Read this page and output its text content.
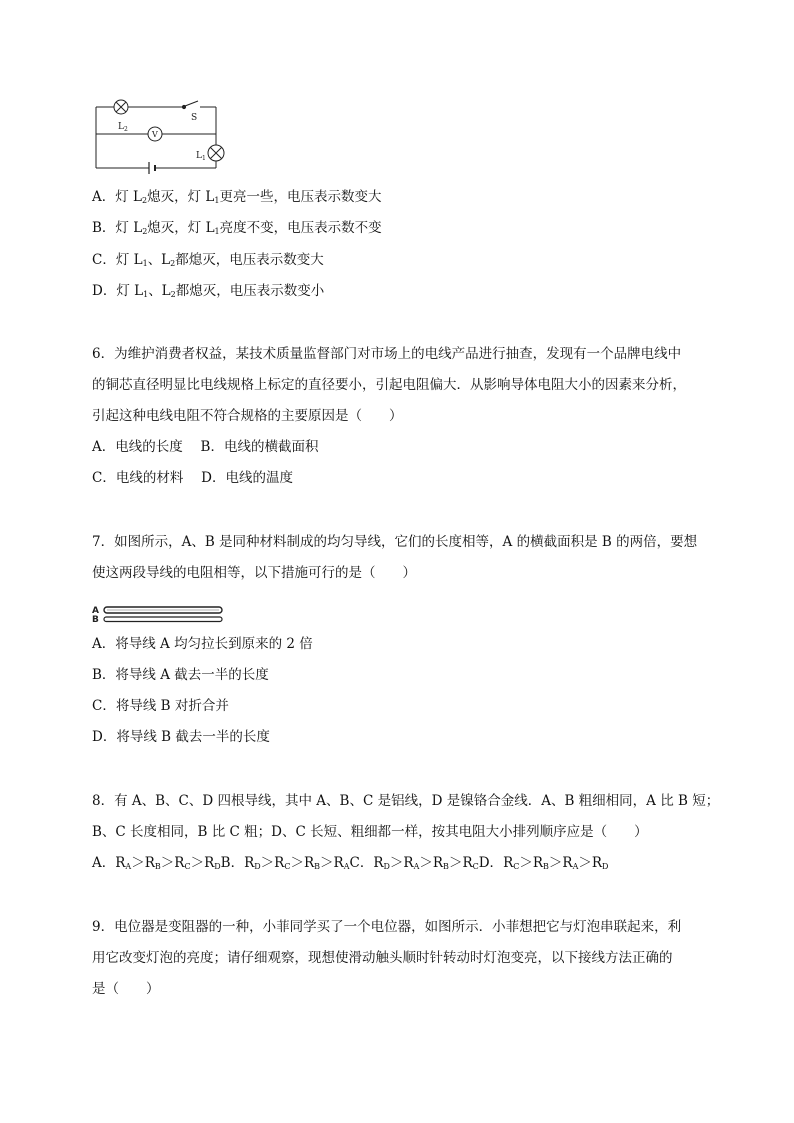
$L_2$
S
V
$L_1$
A．灯 $L_2$熄灭，灯 $L_1$更亮一些，电压表示数变大
B．灯 $L_2$熄灭，灯 $L_1$亮度不变，电压表示数不变
C．灯 $L_1$、$L_2$都熄灭，电压表示数变大
D．灯 $L_1$、$L_2$都熄灭，电压表示数变小
6．为维护消费者权益，某技术质量监督部门对市场上的电线产品进行抽查，发现有一个品牌电线中
的铜芯直径明显比电线规格上标定的直径要小，引起电阻偏大．从影响导体电阻大小的因素来分析，
引起这种电线电阻不符合规格的主要原因是（　　）
A．电线的长度　 B．电线的横截面积
C．电线的材料　 D．电线的温度
7．如图所示，A、B 是同种材料制成的均匀导线，它们的长度相等，A 的横截面积是 B 的两倍，要想
使这两段导线的电阻相等，以下措施可行的是（　　）
A
B
A．将导线 A 均匀拉长到原来的 2 倍
B．将导线 A 截去一半的长度
C．将导线 B 对折合并
D．将导线 B 截去一半的长度
8．有 A、B、C、D 四根导线，其中 A、B、C 是铝线，D 是镍铬合金线．A、B 粗细相同，A 比 B 短；
B、C 长度相同，B 比 C 粗；D、C 长短、粗细都一样，按其电阻大小排列顺序应是（　　）
A．$R_A>R_B>R_C>R_DB$．$R_D>R_C>R_B>R_AC$．$R_D>R_A>R_B>R_CD$．$R_C>R_B>R_A>R_D$
9．电位器是变阻器的一种，小菲同学买了一个电位器，如图所示．小菲想把它与灯泡串联起来，利
用它改变灯泡的亮度；请仔细观察，现想使滑动触头顺时针转动时灯泡变亮，以下接线方法正确的
是（　　）
